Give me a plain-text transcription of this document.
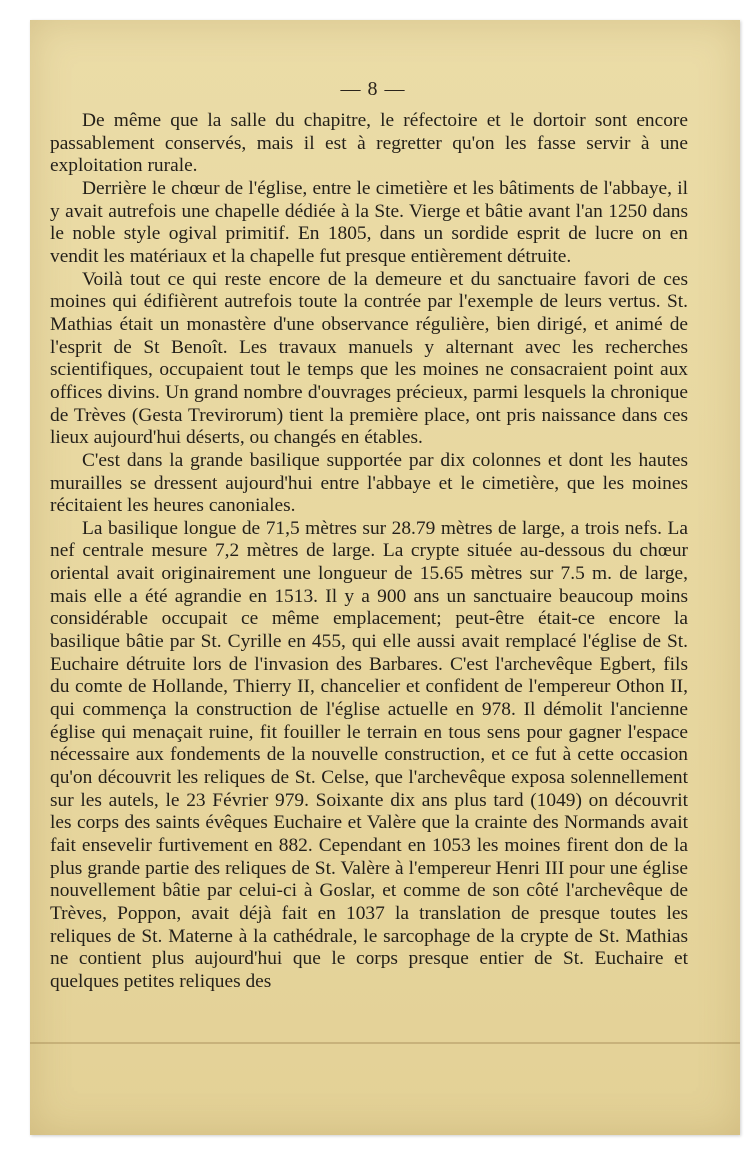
— 8 —

De même que la salle du chapitre, le réfectoire et le dortoir sont encore passablement conservés, mais il est à regretter qu'on les fasse servir à une exploitation rurale.

Derrière le chœur de l'église, entre le cimetière et les bâtiments de l'abbaye, il y avait autrefois une chapelle dédiée à la Ste. Vierge et bâtie avant l'an 1250 dans le noble style ogival primitif. En 1805, dans un sordide esprit de lucre on en vendit les matériaux et la chapelle fut presque entièrement détruite.

Voilà tout ce qui reste encore de la demeure et du sanctuaire favori de ces moines qui édifièrent autrefois toute la contrée par l'exemple de leurs vertus. St. Mathias était un monastère d'une observance régulière, bien dirigé, et animé de l'esprit de St Benoît. Les travaux manuels y alternant avec les recherches scientifiques, occupaient tout le temps que les moines ne consacraient point aux offices divins. Un grand nombre d'ouvrages précieux, parmi lesquels la chronique de Trèves (Gesta Trevirorum) tient la première place, ont pris naissance dans ces lieux aujourd'hui déserts, ou changés en étables.

C'est dans la grande basilique supportée par dix colonnes et dont les hautes murailles se dressent aujourd'hui entre l'abbaye et le cimetière, que les moines récitaient les heures canoniales.

La basilique longue de 71,5 mètres sur 28.79 mètres de large, a trois nefs. La nef centrale mesure 7,2 mètres de large. La crypte située au-dessous du chœur oriental avait originairement une longueur de 15.65 mètres sur 7.5 m. de large, mais elle a été agrandie en 1513. Il y a 900 ans un sanctuaire beaucoup moins considérable occupait ce même emplacement; peut-être était-ce encore la basilique bâtie par St. Cyrille en 455, qui elle aussi avait remplacé l'église de St. Euchaire détruite lors de l'invasion des Barbares. C'est l'archevêque Egbert, fils du comte de Hollande, Thierry II, chancelier et confident de l'empereur Othon II, qui commença la construction de l'église actuelle en 978. Il démolit l'ancienne église qui menaçait ruine, fit fouiller le terrain en tous sens pour gagner l'espace nécessaire aux fondements de la nouvelle construction, et ce fut à cette occasion qu'on découvrit les reliques de St. Celse, que l'archevêque exposa solennellement sur les autels, le 23 Février 979. Soixante dix ans plus tard (1049) on découvrit les corps des saints évêques Euchaire et Valère que la crainte des Normands avait fait ensevelir furtivement en 882. Cependant en 1053 les moines firent don de la plus grande partie des reliques de St. Valère à l'empereur Henri III pour une église nouvellement bâtie par celui-ci à Goslar, et comme de son côté l'archevêque de Trèves, Poppon, avait déjà fait en 1037 la translation de presque toutes les reliques de St. Materne à la cathédrale, le sarcophage de la crypte de St. Mathias ne contient plus aujourd'hui que le corps presque entier de St. Euchaire et quelques petites reliques des
